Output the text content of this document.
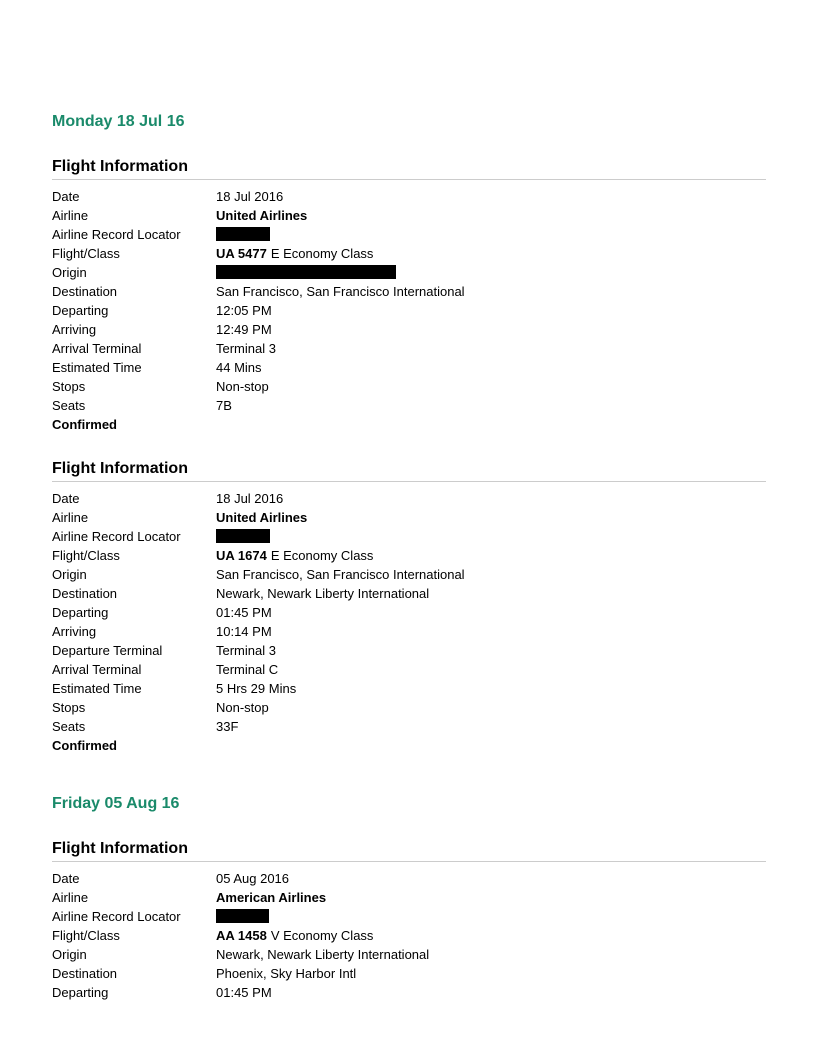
Monday 18 Jul 16
Flight Information
Date	18 Jul 2016
Airline	United Airlines
Airline Record Locator
Flight/Class	UA 5477 E Economy Class
Origin
Destination	San Francisco, San Francisco International
Departing	12:05 PM
Arriving	12:49 PM
Arrival Terminal	Terminal 3
Estimated Time	44 Mins
Stops	Non-stop
Seats	7B
Confirmed
Flight Information
Date	18 Jul 2016
Airline	United Airlines
Airline Record Locator
Flight/Class	UA 1674 E Economy Class
Origin	San Francisco, San Francisco International
Destination	Newark, Newark Liberty International
Departing	01:45 PM
Arriving	10:14 PM
Departure Terminal	Terminal 3
Arrival Terminal	Terminal C
Estimated Time	5 Hrs 29 Mins
Stops	Non-stop
Seats	33F
Confirmed
Friday 05 Aug 16
Flight Information
Date	05 Aug 2016
Airline	American Airlines
Airline Record Locator
Flight/Class	AA 1458 V Economy Class
Origin	Newark, Newark Liberty International
Destination	Phoenix, Sky Harbor Intl
Departing	01:45 PM
